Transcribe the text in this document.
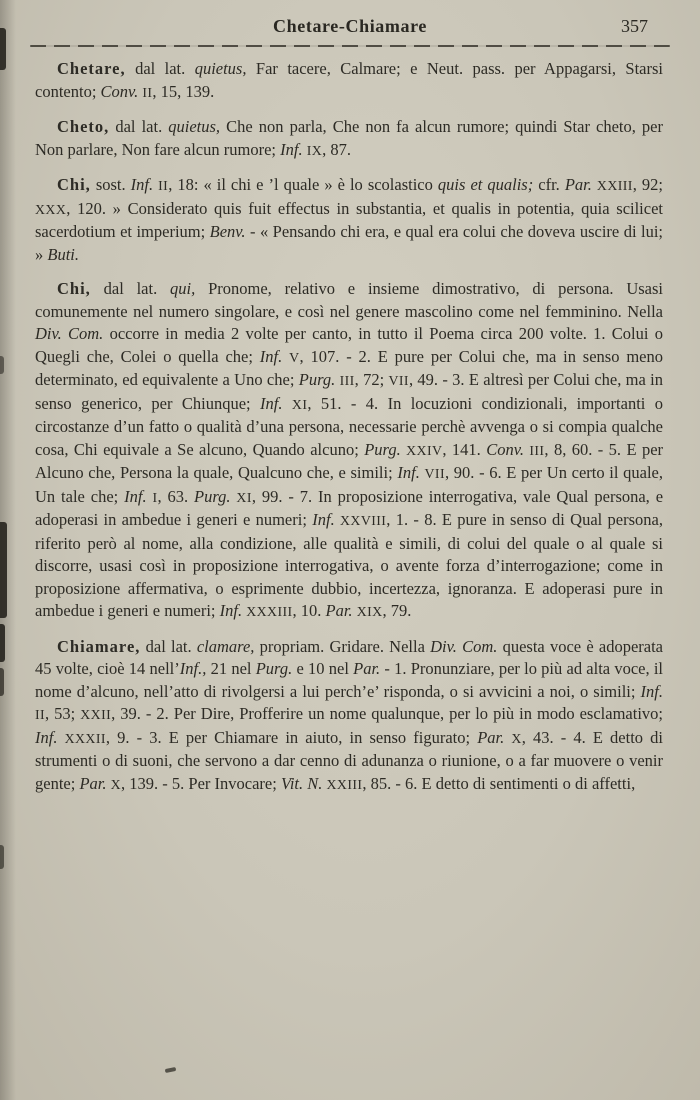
Chetare-Chiamare	357

Chetare, dal lat. quietus, Far tacere, Calmare; e Neut. pass. per Appagarsi, Starsi contento; Conv. II, 15, 139.

Cheto, dal lat. quietus, Che non parla, Che non fa alcun rumore; quindi Star cheto, per Non parlare, Non fare alcun rumore; Inf. IX, 87.

Chi, sost. Inf. II, 18: « il chi e ’l quale » è lo scolastico quis et qualis; cfr. Par. XXIII, 92; XXX, 120. » Considerato quis fuit effectus in substantia, et qualis in potentia, quia scilicet sacerdotium et imperium; Benv. - « Pensando chi era, e qual era colui che doveva uscire di lui; » Buti.

Chi, dal lat. qui, Pronome, relativo e insieme dimostrativo, di persona. Usasi comunemente nel numero singolare, e così nel genere mascolino come nel femminino. Nella Div. Com. occorre in media 2 volte per canto, in tutto il Poema circa 200 volte. 1. Colui o Quegli che, Colei o quella che; Inf. V, 107. - 2. E pure per Colui che, ma in senso meno determinato, ed equivalente a Uno che; Purg. III, 72; VII, 49. - 3. E altresì per Colui che, ma in senso generico, per Chiunque; Inf. XI, 51. - 4. In locuzioni condizionali, importanti o circostanze d’un fatto o qualità d’una persona, necessarie perchè avvenga o si compia qualche cosa, Chi equivale a Se alcuno, Quando alcuno; Purg. XXIV, 141. Conv. III, 8, 60. - 5. E per Alcuno che, Persona la quale, Qualcuno che, e simili; Inf. VII, 90. - 6. E per Un certo il quale, Un tale che; Inf. I, 63. Purg. XI, 99. - 7. In proposizione interrogativa, vale Qual persona, e adoperasi in ambedue i generi e numeri; Inf. XXVIII, 1. - 8. E pure in senso di Qual persona, riferito però al nome, alla condizione, alle qualità e simili, di colui del quale o al quale si discorre, usasi così in proposizione interrogativa, o avente forza d’interrogazione; come in proposizione affermativa, o esprimente dubbio, incertezza, ignoranza. E adoperasi pure in ambedue i generi e numeri; Inf. XXXIII, 10. Par. XIX, 79.

Chiamare, dal lat. clamare, propriam. Gridare. Nella Div. Com. questa voce è adoperata 45 volte, cioè 14 nell’Inf., 21 nel Purg. e 10 nel Par. - 1. Pronunziare, per lo più ad alta voce, il nome d’alcuno, nell’atto di rivolgersi a lui perch’e’ risponda, o si avvicini a noi, o simili; Inf. II, 53; XXII, 39. - 2. Per Dire, Profferire un nome qualunque, per lo più in modo esclamativo; Inf. XXXII, 9. - 3. E per Chiamare in aiuto, in senso figurato; Par. X, 43. - 4. E detto di strumenti o di suoni, che servono a dar cenno di adunanza o riunione, o a far muovere o venir gente; Par. X, 139. - 5. Per Invocare; Vit. N. XXIII, 85. - 6. E detto di sentimenti o di affetti,
